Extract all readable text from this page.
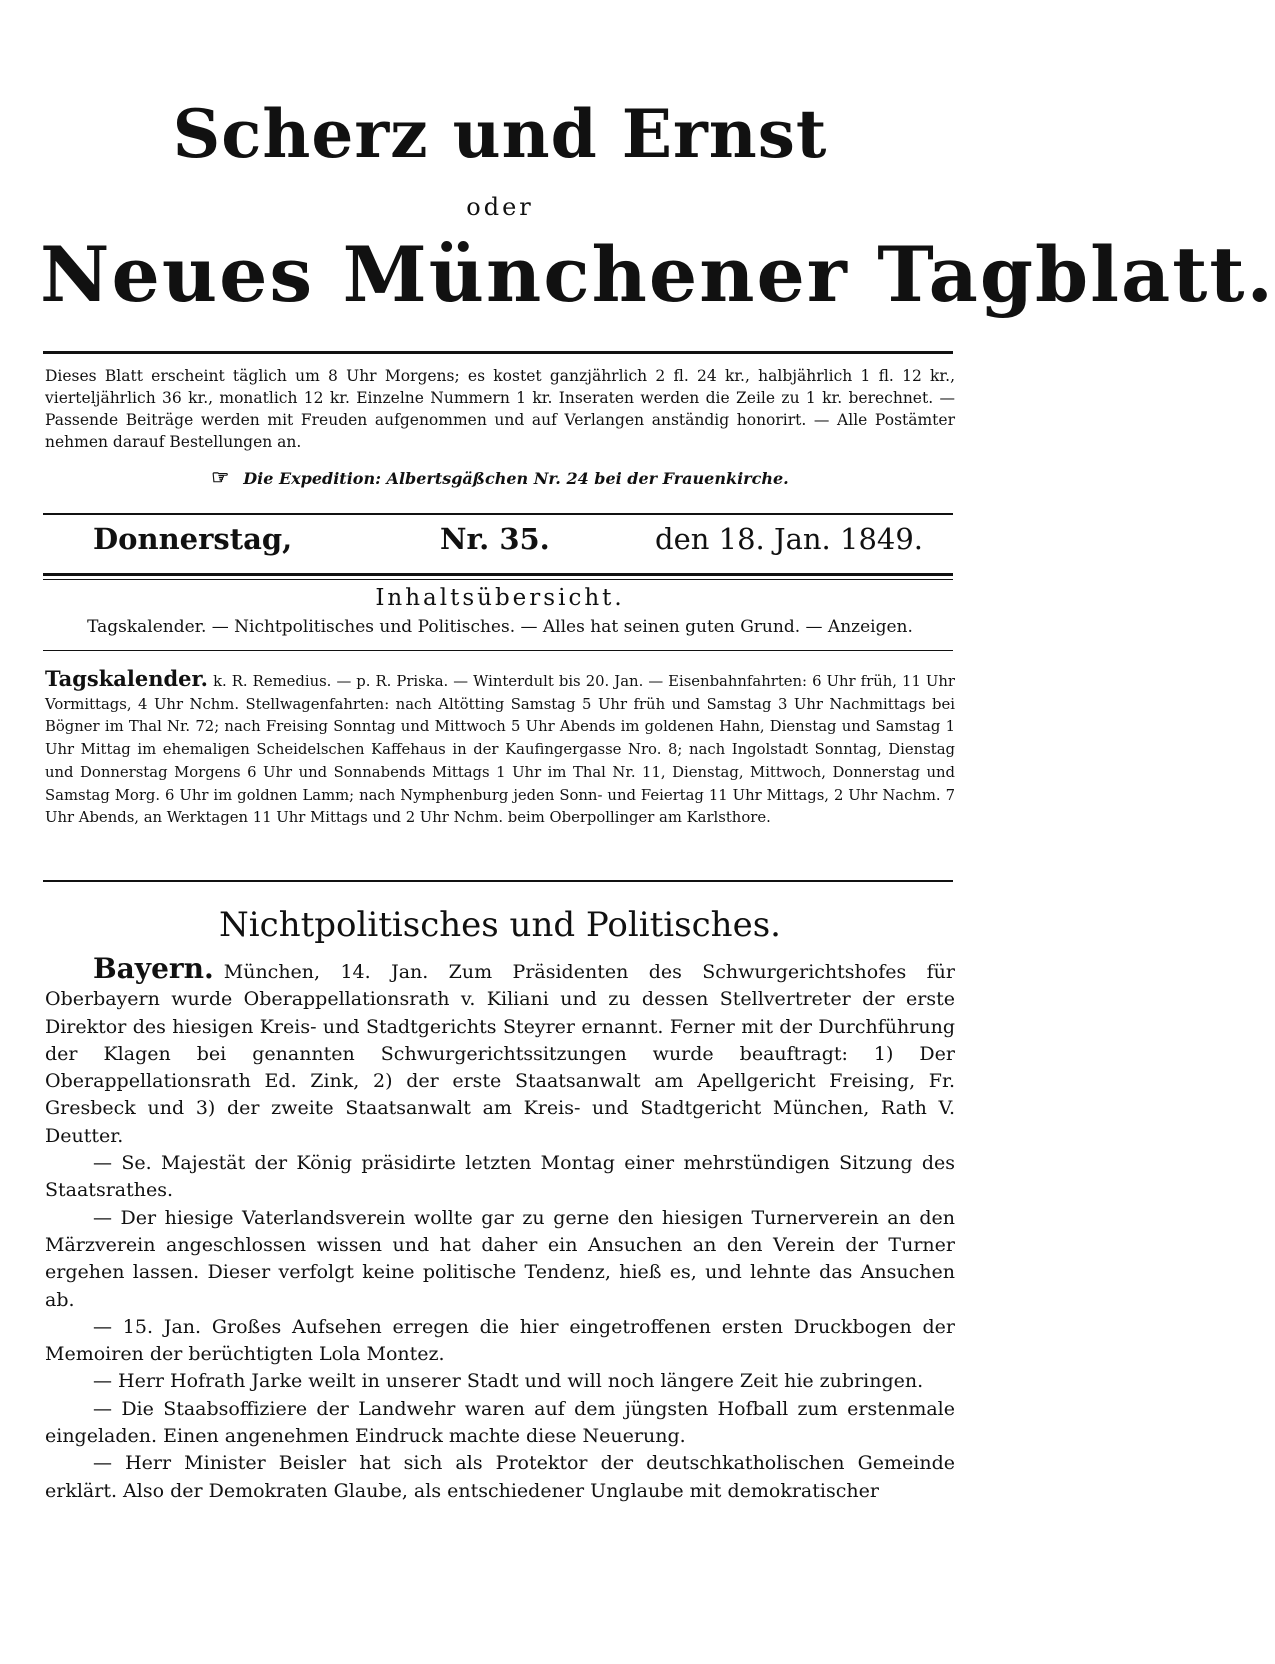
Scherz und Ernst
oder
Neues Münchener Tagblatt.
Dieses Blatt erscheint täglich um 8 Uhr Morgens; es kostet ganzjährlich 2 fl. 24 kr., halbjährlich 1 fl. 12 kr., vierteljährlich 36 kr., monatlich 12 kr. Einzelne Nummern 1 kr. Inseraten werden die Zeile zu 1 kr. berechnet. — Passende Beiträge werden mit Freuden aufgenommen und auf Verlangen anständig honorirt. — Alle Postämter nehmen darauf Bestellungen an.
☞ Die Expedition: Albertsgäßchen Nr. 24 bei der Frauenkirche.
Donnerstag,	Nr. 35.	den 18. Jan. 1849.
Inhaltsübersicht.
Tagskalender. — Nichtpolitisches und Politisches. — Alles hat seinen guten Grund. — Anzeigen.
Tagskalender. k. R. Remedius. — p. R. Priska. — Winterdult bis 20. Jan. — Eisenbahnfahrten: 6 Uhr früh, 11 Uhr Vormittags, 4 Uhr Nchm. Stellwagenfahrten: nach Altötting Samstag 5 Uhr früh und Samstag 3 Uhr Nachmittags bei Bögner im Thal Nr. 72; nach Freising Sonntag und Mittwoch 5 Uhr Abends im goldenen Hahn, Dienstag und Samstag 1 Uhr Mittag im ehemaligen Scheidelschen Kaffehaus in der Kaufingergasse Nro. 8; nach Ingolstadt Sonntag, Dienstag und Donnerstag Morgens 6 Uhr und Sonnabends Mittags 1 Uhr im Thal Nr. 11, Dienstag, Mittwoch, Donnerstag und Samstag Morg. 6 Uhr im goldnen Lamm; nach Nymphenburg jeden Sonn- und Feiertag 11 Uhr Mittags, 2 Uhr Nachm. 7 Uhr Abends, an Werktagen 11 Uhr Mittags und 2 Uhr Nchm. beim Oberpollinger am Karlsthore.
Nichtpolitisches und Politisches.

Bayern. München, 14. Jan. Zum Präsidenten des Schwurgerichtshofes für Oberbayern wurde Oberappellationsrath v. Kiliani und zu dessen Stellvertreter der erste Direktor des hiesigen Kreis- und Stadtgerichts Steyrer ernannt. Ferner mit der Durchführung der Klagen bei genannten Schwurgerichtssitzungen wurde beauftragt: 1) Der Oberappellationsrath Ed. Zink, 2) der erste Staatsanwalt am Apellgericht Freising, Fr. Gresbeck und 3) der zweite Staatsanwalt am Kreis- und Stadtgericht München, Rath V. Deutter.

— Se. Majestät der König präsidirte letzten Montag einer mehrstündigen Sitzung des Staatsrathes.

— Der hiesige Vaterlandsverein wollte gar zu gerne den hiesigen Turnerverein an den Märzverein angeschlossen wissen und hat daher ein Ansuchen an den Verein der Turner ergehen lassen. Dieser verfolgt keine politische Tendenz, hieß es, und lehnte das Ansuchen ab.

— 15. Jan. Großes Aufsehen erregen die hier eingetroffenen ersten Druckbogen der Memoiren der berüchtigten Lola Montez.

— Herr Hofrath Jarke weilt in unserer Stadt und will noch längere Zeit hie zubringen.

— Die Staabsoffiziere der Landwehr waren auf dem jüngsten Hofball zum erstenmale eingeladen. Einen angenehmen Eindruck machte diese Neuerung.

— Herr Minister Beisler hat sich als Protektor der deutschkatholischen Gemeinde erklärt. Also der Demokraten Glaube, als entschiedener Unglaube mit demokratischer
